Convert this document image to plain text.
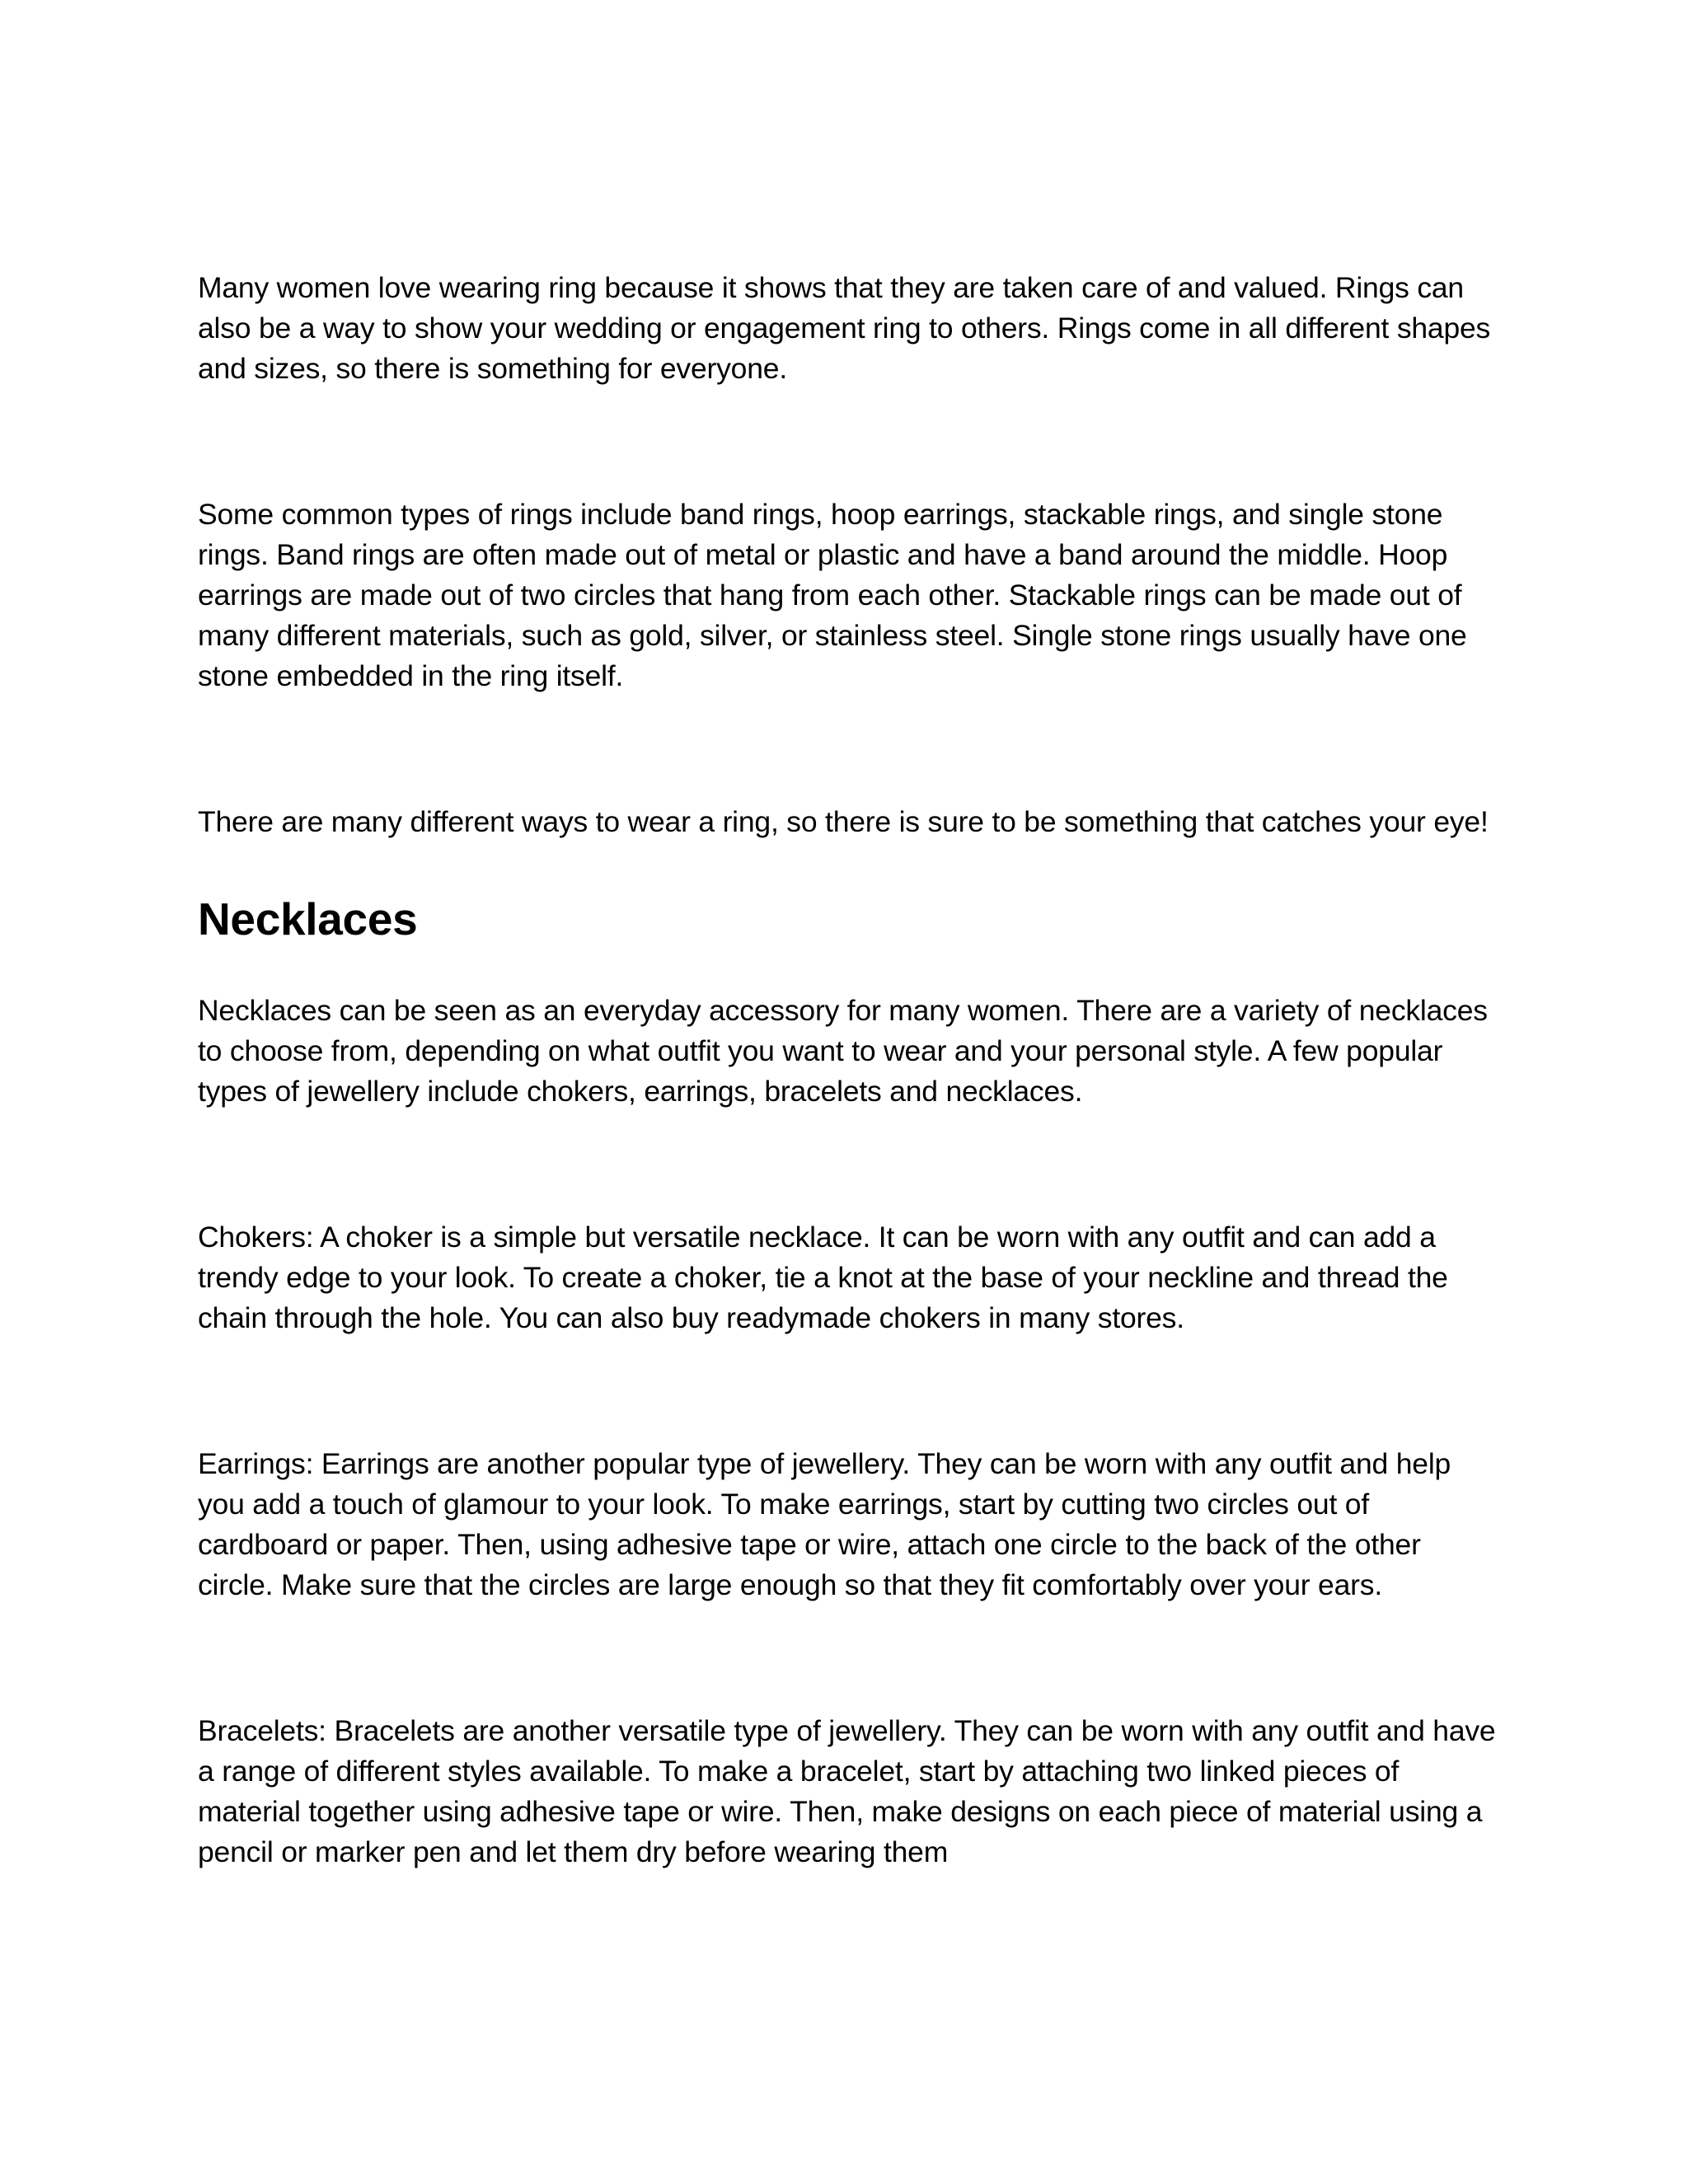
Many women love wearing ring because it shows that they are taken care of and valued. Rings can also be a way to show your wedding or engagement ring to others. Rings come in all different shapes and sizes, so there is something for everyone.

Some common types of rings include band rings, hoop earrings, stackable rings, and single stone rings. Band rings are often made out of metal or plastic and have a band around the middle. Hoop earrings are made out of two circles that hang from each other. Stackable rings can be made out of many different materials, such as gold, silver, or stainless steel. Single stone rings usually have one stone embedded in the ring itself.

There are many different ways to wear a ring, so there is sure to be something that catches your eye!

Necklaces

Necklaces can be seen as an everyday accessory for many women. There are a variety of necklaces to choose from, depending on what outfit you want to wear and your personal style. A few popular types of jewellery include chokers, earrings, bracelets and necklaces.

Chokers: A choker is a simple but versatile necklace. It can be worn with any outfit and can add a trendy edge to your look. To create a choker, tie a knot at the base of your neckline and thread the chain through the hole. You can also buy readymade chokers in many stores.

Earrings: Earrings are another popular type of jewellery. They can be worn with any outfit and help you add a touch of glamour to your look. To make earrings, start by cutting two circles out of cardboard or paper. Then, using adhesive tape or wire, attach one circle to the back of the other circle. Make sure that the circles are large enough so that they fit comfortably over your ears.

Bracelets: Bracelets are another versatile type of jewellery. They can be worn with any outfit and have a range of different styles available. To make a bracelet, start by attaching two linked pieces of material together using adhesive tape or wire. Then, make designs on each piece of material using a pencil or marker pen and let them dry before wearing them
